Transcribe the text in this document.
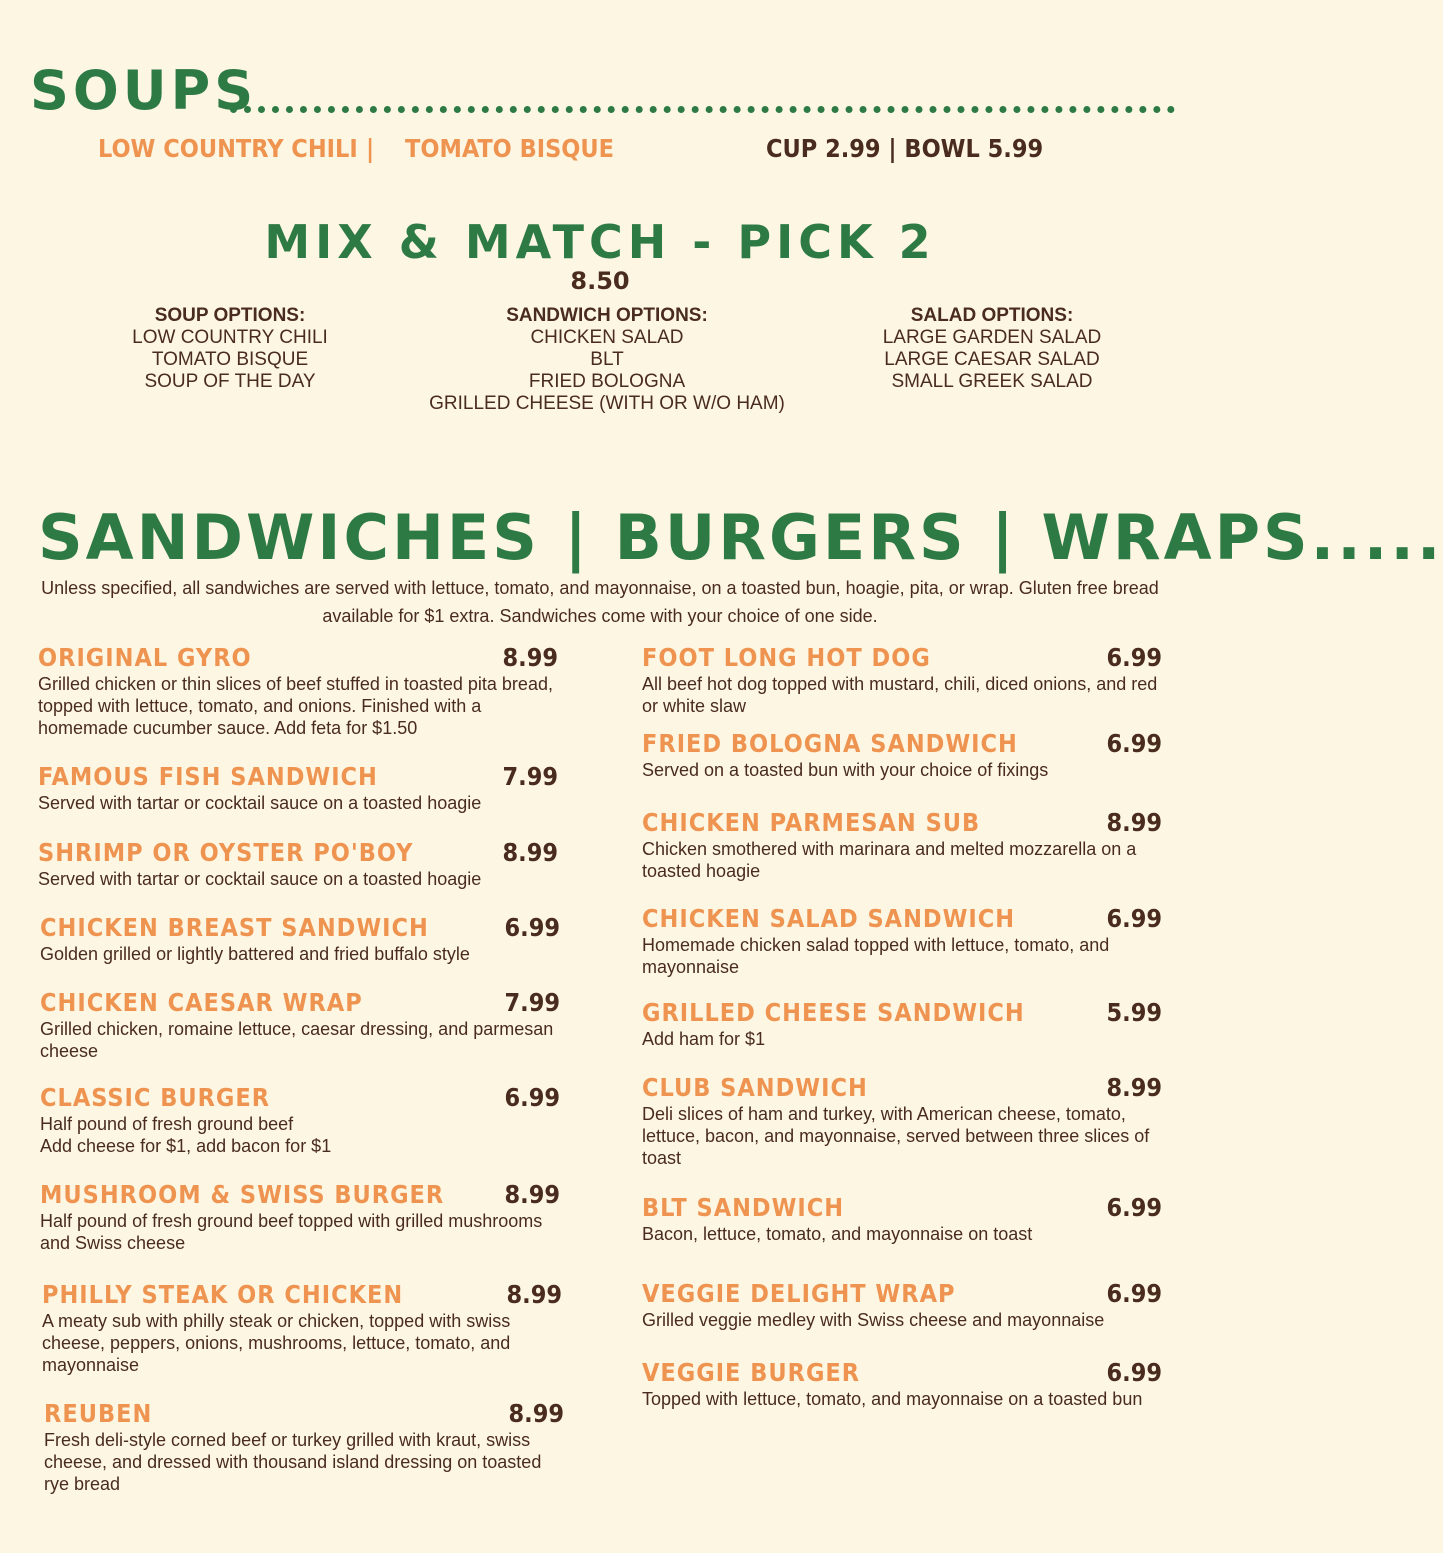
SOUPS
LOW COUNTRY CHILI | TOMATO BISQUE	CUP 2.99 | BOWL 5.99
MIX & MATCH - PICK 2
8.50
SOUP OPTIONS:
LOW COUNTRY CHILI
TOMATO BISQUE
SOUP OF THE DAY
SANDWICH OPTIONS:
CHICKEN SALAD
BLT
FRIED BOLOGNA
GRILLED CHEESE (WITH OR W/O HAM)
SALAD OPTIONS:
LARGE GARDEN SALAD
LARGE CAESAR SALAD
SMALL GREEK SALAD
SANDWICHES | BURGERS | WRAPS.....
Unless specified, all sandwiches are served with lettuce, tomato, and mayonnaise, on a toasted bun, hoagie, pita, or wrap. Gluten free bread available for $1 extra. Sandwiches come with your choice of one side.
ORIGINAL GYRO	8.99
Grilled chicken or thin slices of beef stuffed in toasted pita bread, topped with lettuce, tomato, and onions. Finished with a homemade cucumber sauce. Add feta for $1.50
FAMOUS FISH SANDWICH	7.99
Served with tartar or cocktail sauce on a toasted hoagie
SHRIMP OR OYSTER PO'BOY	8.99
Served with tartar or cocktail sauce on a toasted hoagie
CHICKEN BREAST SANDWICH	6.99
Golden grilled or lightly battered and fried buffalo style
CHICKEN CAESAR WRAP	7.99
Grilled chicken, romaine lettuce, caesar dressing, and parmesan cheese
CLASSIC BURGER	6.99
Half pound of fresh ground beef
Add cheese for $1, add bacon for $1
MUSHROOM & SWISS BURGER 8.99
Half pound of fresh ground beef topped with grilled mushrooms and Swiss cheese
PHILLY STEAK OR CHICKEN	8.99
A meaty sub with philly steak or chicken, topped with swiss cheese, peppers, onions, mushrooms, lettuce, tomato, and mayonnaise
REUBEN	8.99
Fresh deli-style corned beef or turkey grilled with kraut, swiss cheese, and dressed with thousand island dressing on toasted rye bread
FOOT LONG HOT DOG	6.99
All beef hot dog topped with mustard, chili, diced onions, and red or white slaw
FRIED BOLOGNA SANDWICH	6.99
Served on a toasted bun with your choice of fixings
CHICKEN PARMESAN SUB	8.99
Chicken smothered with marinara and melted mozzarella on a toasted hoagie
CHICKEN SALAD SANDWICH	6.99
Homemade chicken salad topped with lettuce, tomato, and mayonnaise
GRILLED CHEESE SANDWICH	5.99
Add ham for $1
CLUB SANDWICH	8.99
Deli slices of ham and turkey, with American cheese, tomato, lettuce, bacon, and mayonnaise, served between three slices of toast
BLT SANDWICH	6.99
Bacon, lettuce, tomato, and mayonnaise on toast
VEGGIE DELIGHT WRAP	6.99
Grilled veggie medley with Swiss cheese and mayonnaise
VEGGIE BURGER	6.99
Topped with lettuce, tomato, and mayonnaise on a toasted bun
